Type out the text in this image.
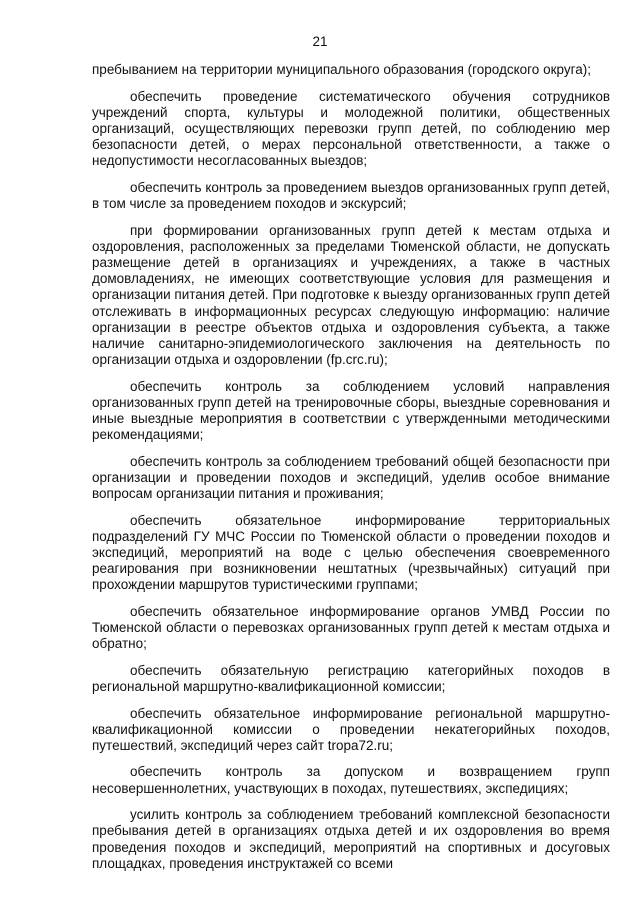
21

пребыванием на территории муниципального образования (городского округа);

обеспечить проведение систематического обучения сотрудников учреждений спорта, культуры и молодежной политики, общественных организаций, осуществляющих перевозки групп детей, по соблюдению мер безопасности детей, о мерах персональной ответственности, а также о недопустимости несогласованных выездов;

обеспечить контроль за проведением выездов организованных групп детей, в том числе за проведением походов и экскурсий;

при формировании организованных групп детей к местам отдыха и оздоровления, расположенных за пределами Тюменской области, не допускать размещение детей в организациях и учреждениях, а также в частных домовладениях, не имеющих соответствующие условия для размещения и организации питания детей. При подготовке к выезду организованных групп детей отслеживать в информационных ресурсах следующую информацию: наличие организации в реестре объектов отдыха и оздоровления субъекта, а также наличие санитарно-эпидемиологического заключения на деятельность по организации отдыха и оздоровлении (fp.crc.ru);

обеспечить контроль за соблюдением условий направления организованных групп детей на тренировочные сборы, выездные соревнования и иные выездные мероприятия в соответствии с утвержденными методическими рекомендациями;

обеспечить контроль за соблюдением требований общей безопасности при организации и проведении походов и экспедиций, уделив особое внимание вопросам организации питания и проживания;

обеспечить обязательное информирование территориальных подразделений ГУ МЧС России по Тюменской области о проведении походов и экспедиций, мероприятий на воде с целью обеспечения своевременного реагирования при возникновении нештатных (чрезвычайных) ситуаций при прохождении маршрутов туристическими группами;

обеспечить обязательное информирование органов УМВД России по Тюменской области о перевозках организованных групп детей к местам отдыха и обратно;

обеспечить обязательную регистрацию категорийных походов в региональной маршрутно-квалификационной комиссии;

обеспечить обязательное информирование региональной маршрутно-квалификационной комиссии о проведении некатегорийных походов, путешествий, экспедиций через сайт tropa72.ru;

обеспечить контроль за допуском и возвращением групп несовершеннолетних, участвующих в походах, путешествиях, экспедициях;

усилить контроль за соблюдением требований комплексной безопасности пребывания детей в организациях отдыха детей и их оздоровления во время проведения походов и экспедиций, мероприятий на спортивных и досуговых площадках, проведения инструктажей со всеми
